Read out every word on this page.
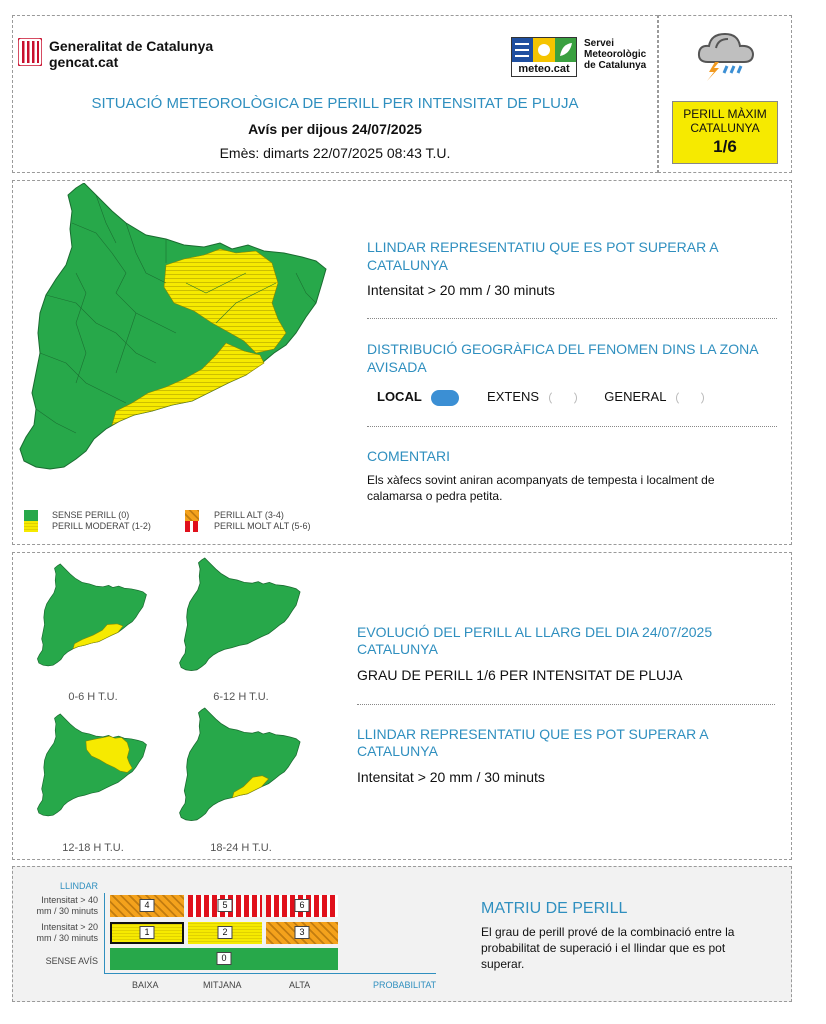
Generalitat de Catalunya
gencat.cat	meteo.cat
Servei
Meteorològic
de Catalunya
SITUACIÓ METEOROLÒGICA DE PERILL PER INTENSITAT DE PLUJA
Avís per dijous 24/07/2025
Emès: dimarts 22/07/2025 08:43 T.U.
PERILL MÀXIM
CATALUNYA
1/6
SENSE PERILL (0)
PERILL MODERAT (1-2)
PERILL ALT (3-4)
PERILL MOLT ALT (5-6)
LLINDAR REPRESENTATIU QUE ES POT SUPERAR A CATALUNYA
Intensitat > 20 mm / 30 minuts
DISTRIBUCIÓ GEOGRÀFICA DEL FENOMEN DINS LA ZONA AVISADA
LOCAL	EXTENS	GENERAL
COMENTARI
Els xàfecs sovint aniran acompanyats de tempesta i localment de calamarsa o pedra petita.
0-6 H T.U.	6-12 H T.U.
12-18 H T.U.	18-24 H T.U.
EVOLUCIÓ DEL PERILL AL LLARG DEL DIA 24/07/2025 CATALUNYA
GRAU DE PERILL 1/6 PER INTENSITAT DE PLUJA
LLINDAR REPRESENTATIU QUE ES POT SUPERAR A CATALUNYA
Intensitat > 20 mm / 30 minuts
LLINDAR
Intensitat > 40
mm / 30 minuts
Intensitat > 20
mm / 30 minuts
SENSE AVÍS
4	5	6
1	2	3
0
BAIXA	MITJANA	ALTA	PROBABILITAT
MATRIU DE PERILL
El grau de perill prové de la combinació entre la probabilitat de superació i el llindar que es pot superar.
